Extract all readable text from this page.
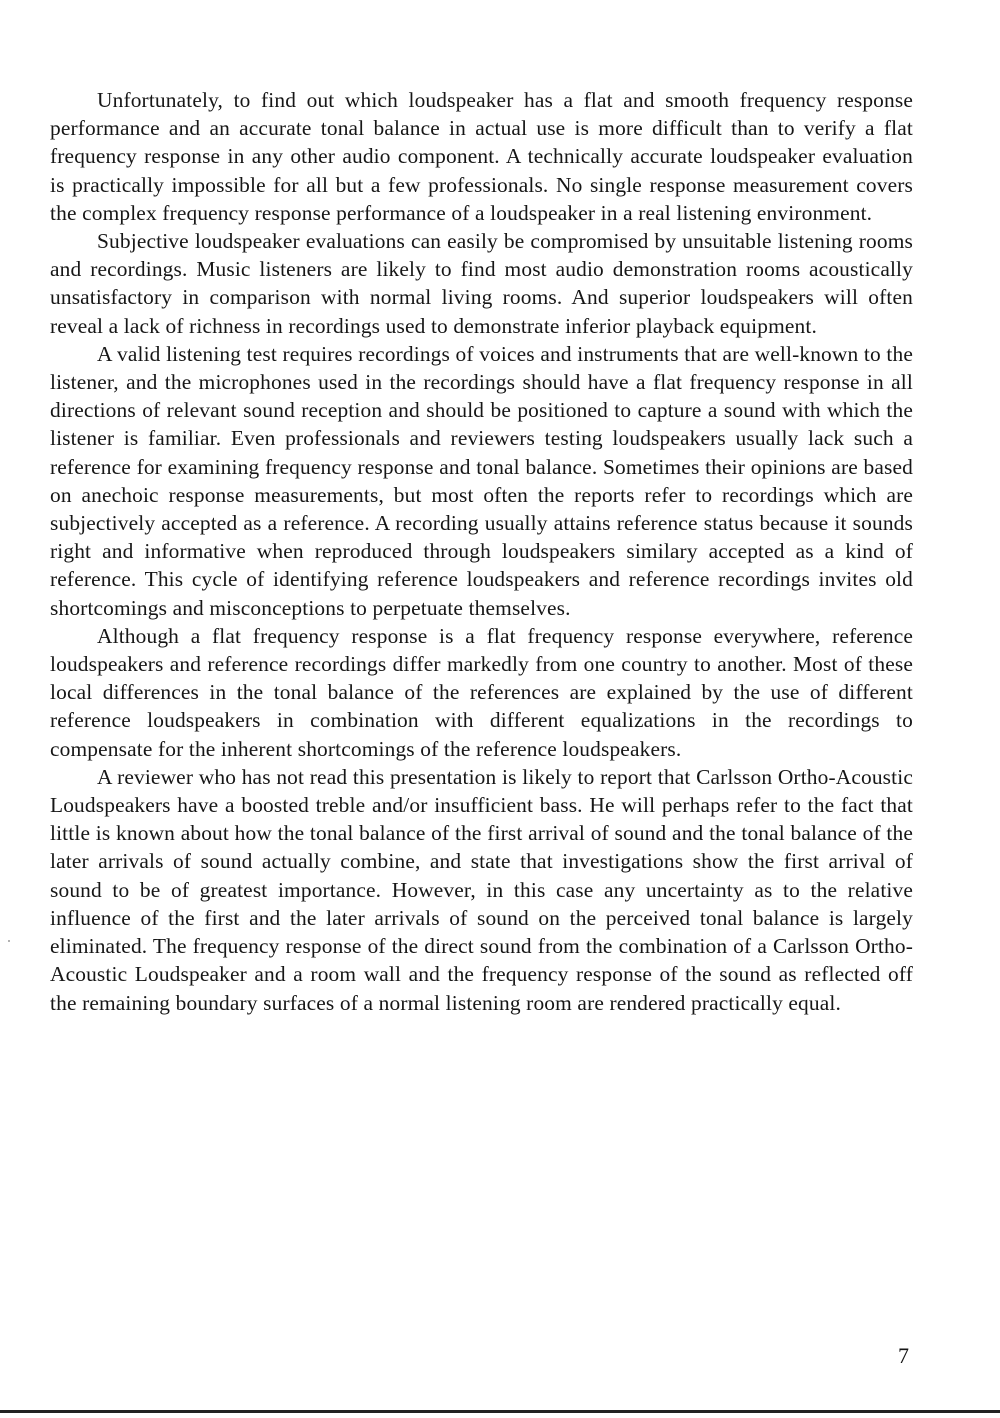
Unfortunately, to find out which loudspeaker has a flat and smooth frequency response performance and an accurate tonal balance in actual use is more difficult than to verify a flat frequency response in any other audio component. A technically accurate loudspeaker evaluation is practically impossible for all but a few professionals. No single response measurement covers the complex frequency response performance of a loudspeaker in a real listening environment.

Subjective loudspeaker evaluations can easily be compromised by unsuitable listening rooms and recordings. Music listeners are likely to find most audio demonstration rooms acoustically unsatisfactory in comparison with normal living rooms. And superior loudspeakers will often reveal a lack of richness in recordings used to demonstrate inferior playback equipment.

A valid listening test requires recordings of voices and instruments that are well-known to the listener, and the microphones used in the recordings should have a flat frequency response in all directions of relevant sound reception and should be positioned to capture a sound with which the listener is familiar. Even professionals and reviewers testing loudspeakers usually lack such a reference for examining frequency response and tonal balance. Sometimes their opinions are based on anechoic response measurements, but most often the reports refer to recordings which are subjectively accepted as a reference. A recording usually attains reference status because it sounds right and informative when reproduced through loudspeakers similary accepted as a kind of reference. This cycle of identifying reference loudspeakers and reference recordings invites old shortcomings and misconceptions to perpetuate themselves.

Although a flat frequency response is a flat frequency response everywhere, reference loudspeakers and reference recordings differ markedly from one country to another. Most of these local differences in the tonal balance of the references are explained by the use of different reference loudspeakers in combination with different equalizations in the recordings to compensate for the inherent shortcomings of the reference loudspeakers.

A reviewer who has not read this presentation is likely to report that Carlsson Ortho-Acoustic Loudspeakers have a boosted treble and/or insufficient bass. He will perhaps refer to the fact that little is known about how the tonal balance of the first arrival of sound and the tonal balance of the later arrivals of sound actually combine, and state that investigations show the first arrival of sound to be of greatest importance. However, in this case any uncertainty as to the relative influence of the first and the later arrivals of sound on the perceived tonal balance is largely eliminated. The frequency response of the direct sound from the combination of a Carlsson Ortho-Acoustic Loudspeaker and a room wall and the frequency response of the sound as reflected off the remaining boundary surfaces of a normal listening room are rendered practically equal.

7
